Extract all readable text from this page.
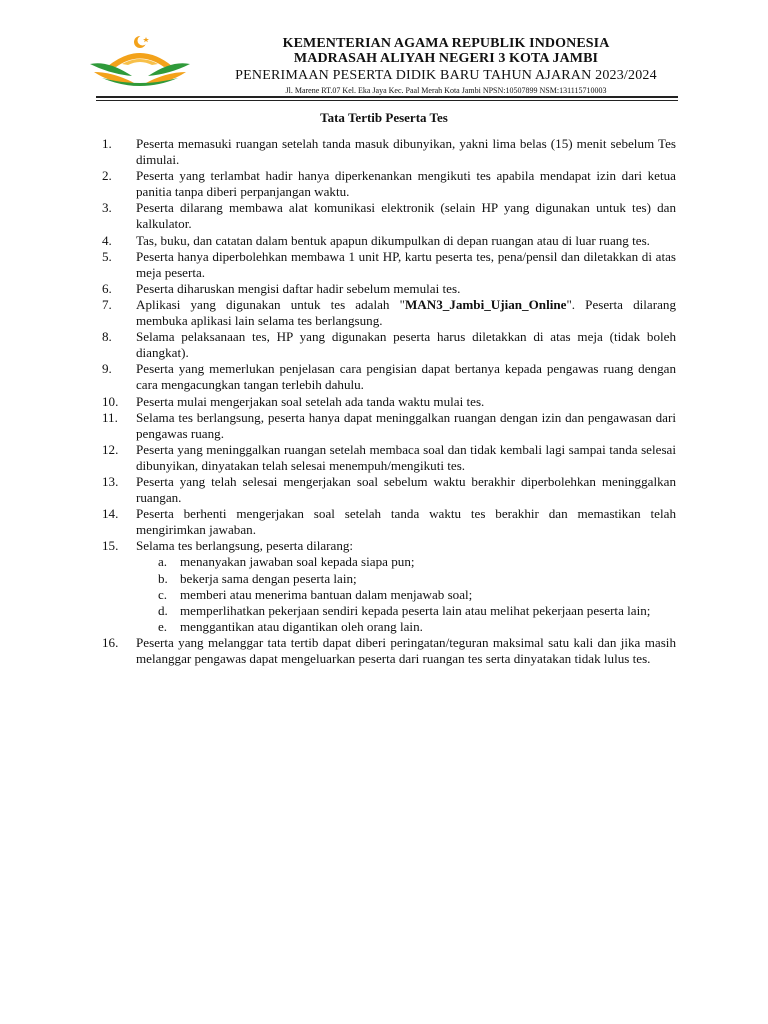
KEMENTERIAN AGAMA REPUBLIK INDONESIA
MADRASAH ALIYAH NEGERI 3 KOTA JAMBI
PENERIMAAN PESERTA DIDIK BARU TAHUN AJARAN 2023/2024
Jl. Marene RT.07 Kel. Eka Jaya Kec. Paal Merah Kota Jambi NPSN:10507899 NSM:131115710003
Tata Tertib Peserta Tes
1.	Peserta memasuki ruangan setelah tanda masuk dibunyikan, yakni lima belas (15) menit sebelum Tes dimulai.
2.	Peserta yang terlambat hadir hanya diperkenankan mengikuti tes apabila mendapat izin dari ketua panitia tanpa diberi perpanjangan waktu.
3.	Peserta dilarang membawa alat komunikasi elektronik (selain HP yang digunakan untuk tes) dan kalkulator.
4.	Tas, buku, dan catatan dalam bentuk apapun dikumpulkan di depan ruangan atau di luar ruang tes.
5.	Peserta hanya diperbolehkan membawa 1 unit HP, kartu peserta tes, pena/pensil dan diletakkan di atas meja peserta.
6.	Peserta diharuskan mengisi daftar hadir sebelum memulai tes.
7.	Aplikasi yang digunakan untuk tes adalah "MAN3_Jambi_Ujian_Online". Peserta dilarang membuka aplikasi lain selama tes berlangsung.
8.	Selama pelaksanaan tes, HP yang digunakan peserta harus diletakkan di atas meja (tidak boleh diangkat).
9.	Peserta yang memerlukan penjelasan cara pengisian dapat bertanya kepada pengawas ruang dengan cara mengacungkan tangan terlebih dahulu.
10.	Peserta mulai mengerjakan soal setelah ada tanda waktu mulai tes.
11.	Selama tes berlangsung, peserta hanya dapat meninggalkan ruangan dengan izin dan pengawasan dari pengawas ruang.
12.	Peserta yang meninggalkan ruangan setelah membaca soal dan tidak kembali lagi sampai tanda selesai dibunyikan, dinyatakan telah selesai menempuh/mengikuti tes.
13.	Peserta yang telah selesai mengerjakan soal sebelum waktu berakhir diperbolehkan meninggalkan ruangan.
14.	Peserta berhenti mengerjakan soal setelah tanda waktu tes berakhir dan memastikan telah mengirimkan jawaban.
15.	Selama tes berlangsung, peserta dilarang:
a. menanyakan jawaban soal kepada siapa pun;
b. bekerja sama dengan peserta lain;
c. memberi atau menerima bantuan dalam menjawab soal;
d. memperlihatkan pekerjaan sendiri kepada peserta lain atau melihat pekerjaan peserta lain;
e. menggantikan atau digantikan oleh orang lain.
16.	Peserta yang melanggar tata tertib dapat diberi peringatan/teguran maksimal satu kali dan jika masih melanggar pengawas dapat mengeluarkan peserta dari ruangan tes serta dinyatakan tidak lulus tes.
